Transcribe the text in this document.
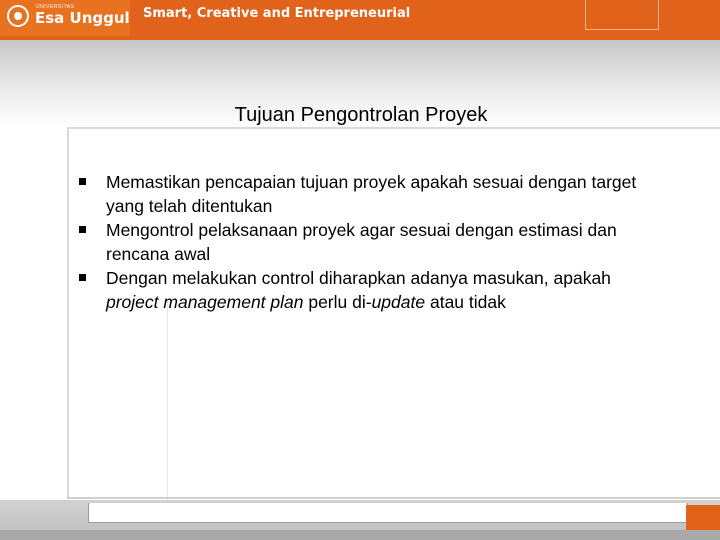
UNIVERSITAS
Esa Unggul Smart, Creative and Entrepreneurial
Tujuan Pengontrolan Proyek
Memastikan pencapaian tujuan proyek apakah sesuai dengan target yang telah ditentukan
Mengontrol pelaksanaan proyek agar sesuai dengan estimasi dan rencana awal
Dengan melakukan control diharapkan adanya masukan, apakah project management plan perlu di-update atau tidak
